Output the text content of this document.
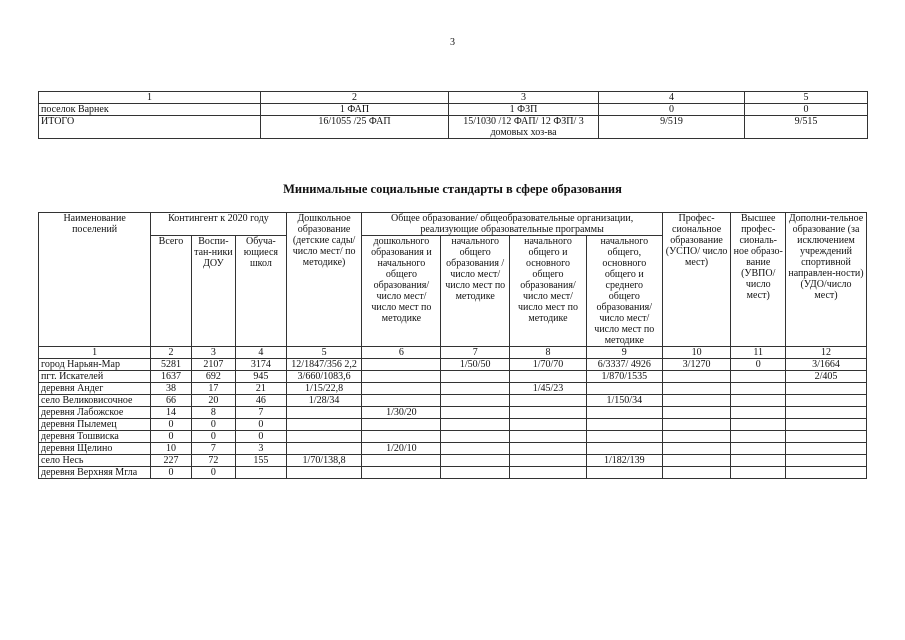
3
1	2	3	4	5
поселок Варнек	1 ФАП	1 ФЗП	0	0
ИТОГО	16/1055 /25 ФАП	15/1030 /12 ФАП/ 12 ФЗП/ 3 домовых хоз-ва	9/519	9/515
Минимальные социальные стандарты в сфере образования
Наименование поселений	Контингент к 2020 году			Дошкольное образование (детские сады/ число мест/ по методике)	Общее образование/ общеобразовательные организации, реализующие образовательные программы				Профес-сиональное образование (УСПО/ число мест)	Высшее профес-сиональ-ное образо-вание (УВПО/ число мест)	Дополни-тельное образование (за исключением учреждений спортивной направлен-ности) (УДО/число мест)
	Всего	Воспи-тан-ники ДОУ	Обуча-ющиеся школ		дошкольного образования и начального общего образования/ число мест/ число мест по методике	начального общего образования / число мест/ число мест по методике	начального общего и основного общего образования/ число мест/ число мест по методике	начального общего, основного общего и среднего общего образования/ число мест/ число мест по методике			

1	2	3	4	5	6	7	8	9	10	11	12
город Нарьян-Мар	5281	2107	3174	12/1847/356 2,2		1/50/50	1/70/70	6/3337/ 4926	3/1270	0	3/1664
пгт. Искателей	1637	692	945	3/660/1083,6				1/870/1535			2/405
деревня Андег	38	17	21	1/15/22,8			1/45/23				
село Великовисочное	66	20	46	1/28/34				1/150/34			
деревня Лабожское	14	8	7		1/30/20						
деревня Пылемец	0	0	0								
деревня Тошвиска	0	0	0								
деревня Щелино	10	7	3		1/20/10						
село Несь	227	72	155	1/70/138,8				1/182/139			
деревня Верхняя Мгла	0	0									
